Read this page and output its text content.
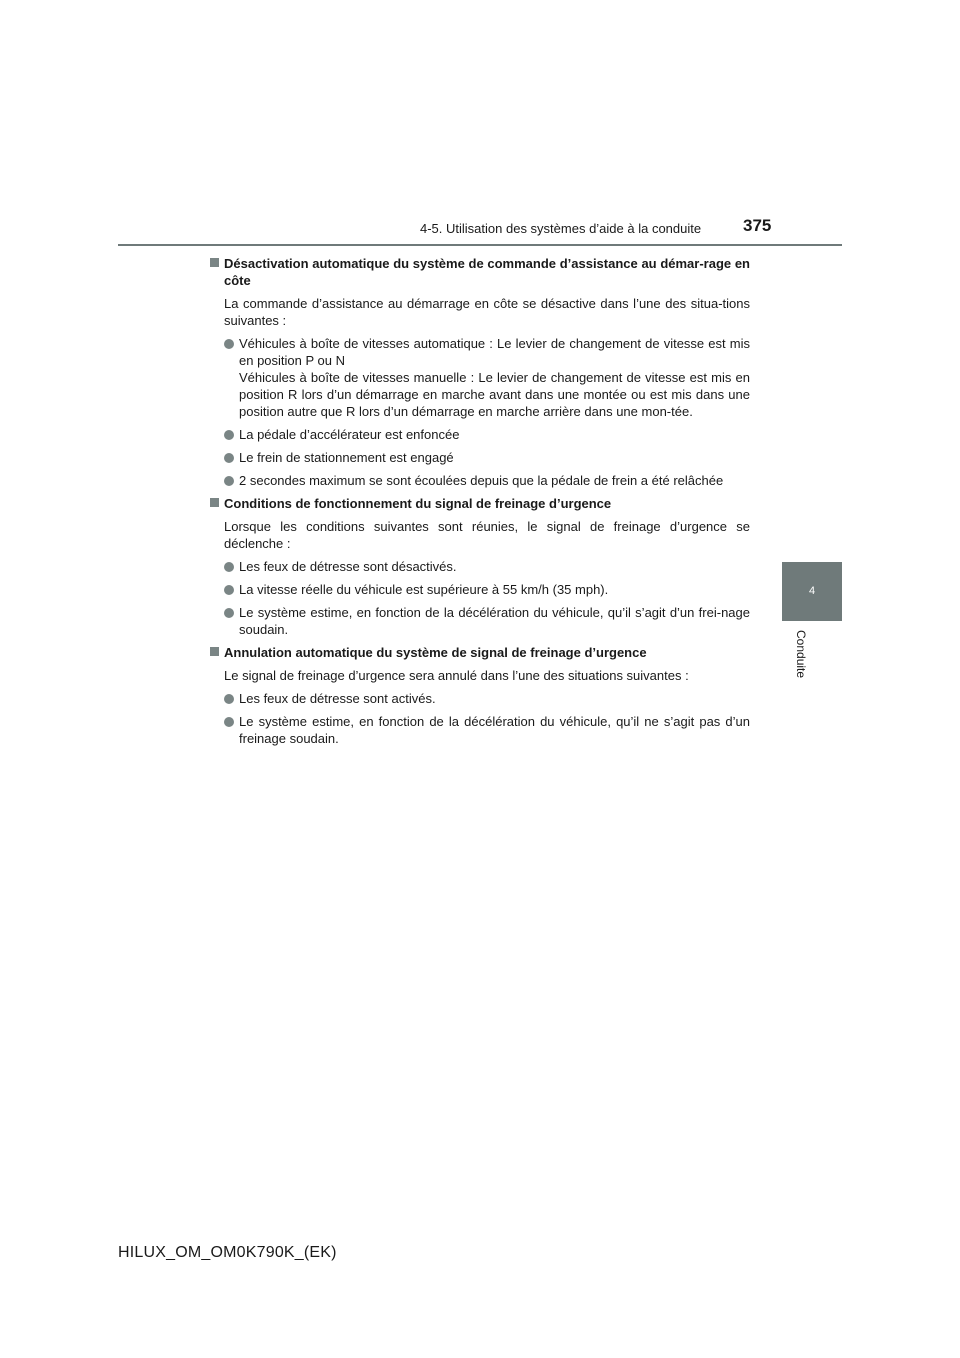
4-5. Utilisation des systèmes d’aide à la conduite 375
4
Conduite
Désactivation automatique du système de commande d’assistance au démar-rage en côte
La commande d’assistance au démarrage en côte se désactive dans l’une des situa-tions suivantes :
Véhicules à boîte de vitesses automatique : Le levier de changement de vitesse est mis en position P ou N
Véhicules à boîte de vitesses manuelle : Le levier de changement de vitesse est mis en position R lors d’un démarrage en marche avant dans une montée ou est mis dans une position autre que R lors d’un démarrage en marche arrière dans une mon-tée.
La pédale d’accélérateur est enfoncée
Le frein de stationnement est engagé
2 secondes maximum se sont écoulées depuis que la pédale de frein a été relâchée
Conditions de fonctionnement du signal de freinage d’urgence
Lorsque les conditions suivantes sont réunies, le signal de freinage d’urgence se déclenche :
Les feux de détresse sont désactivés.
La vitesse réelle du véhicule est supérieure à 55 km/h (35 mph).
Le système estime, en fonction de la décélération du véhicule, qu’il s’agit d’un frei-nage soudain.
Annulation automatique du système de signal de freinage d’urgence
Le signal de freinage d’urgence sera annulé dans l’une des situations suivantes :
Les feux de détresse sont activés.
Le système estime, en fonction de la décélération du véhicule, qu’il ne s’agit pas d’un freinage soudain.
HILUX_OM_OM0K790K_(EK)
